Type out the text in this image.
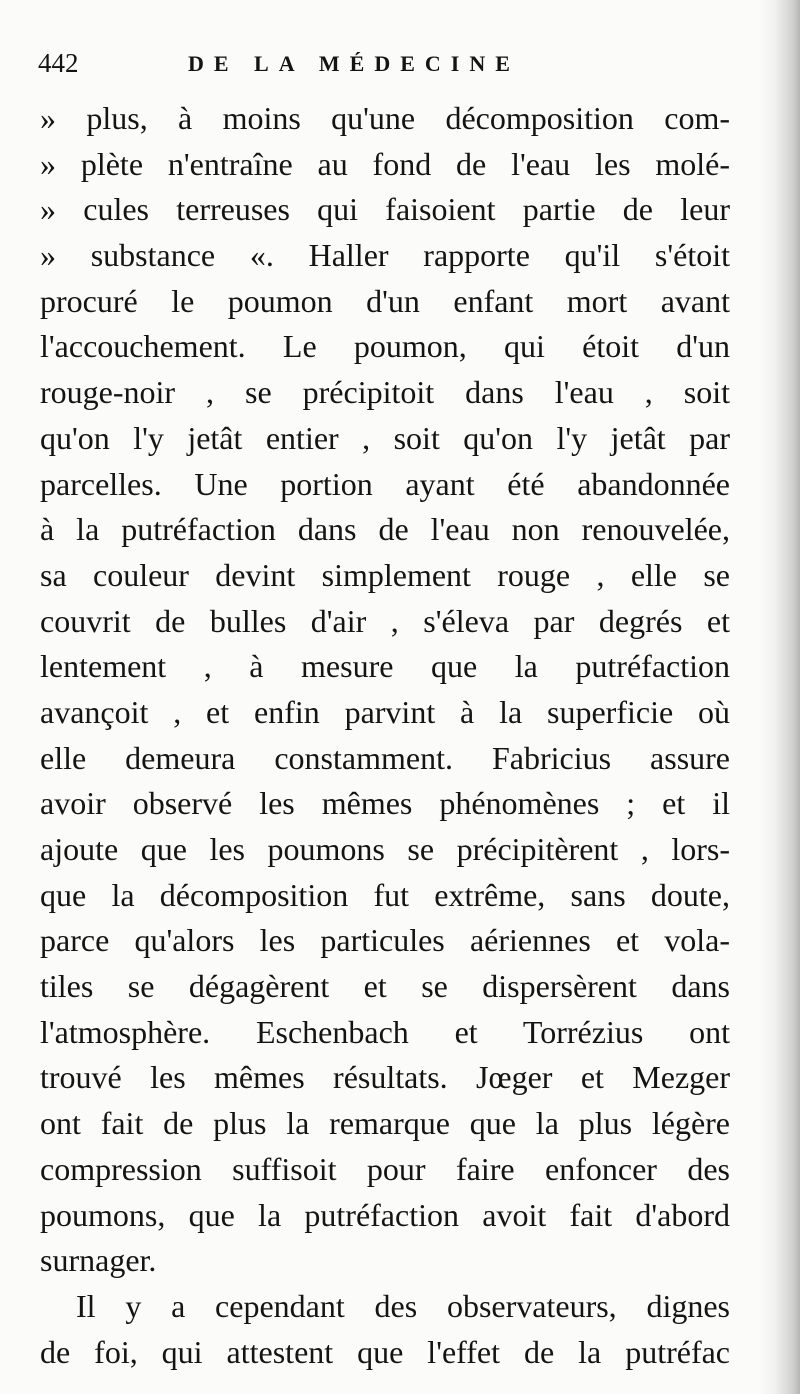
442	DE LA MÉDECINE
» plus, à moins qu'une décomposition com-
» plète n'entraîne au fond de l'eau les molé-
» cules terreuses qui faisoient partie de leur
» substance «. Haller rapporte qu'il s'étoit
procuré le poumon d'un enfant mort avant
l'accouchement. Le poumon, qui étoit d'un
rouge-noir , se précipitoit dans l'eau , soit
qu'on l'y jetât entier , soit qu'on l'y jetât par
parcelles. Une portion ayant été abandonnée
à la putréfaction dans de l'eau non renouvelée,
sa couleur devint simplement rouge , elle se
couvrit de bulles d'air , s'éleva par degrés et
lentement , à mesure que la putréfaction
avançoit , et enfin parvint à la superficie où
elle demeura constamment. Fabricius assure
avoir observé les mêmes phénomènes ; et il
ajoute que les poumons se précipitèrent , lors-
que la décomposition fut extrême, sans doute,
parce qu'alors les particules aériennes et vola-
tiles se dégagèrent et se dispersèrent dans
l'atmosphère. Eschenbach et Torrézius ont
trouvé les mêmes résultats. Jœger et Mezger
ont fait de plus la remarque que la plus légère
compression suffisoit pour faire enfoncer des
poumons, que la putréfaction avoit fait d'abord
surnager.
Il y a cependant des observateurs, dignes
de foi, qui attestent que l'effet de la putréfac
